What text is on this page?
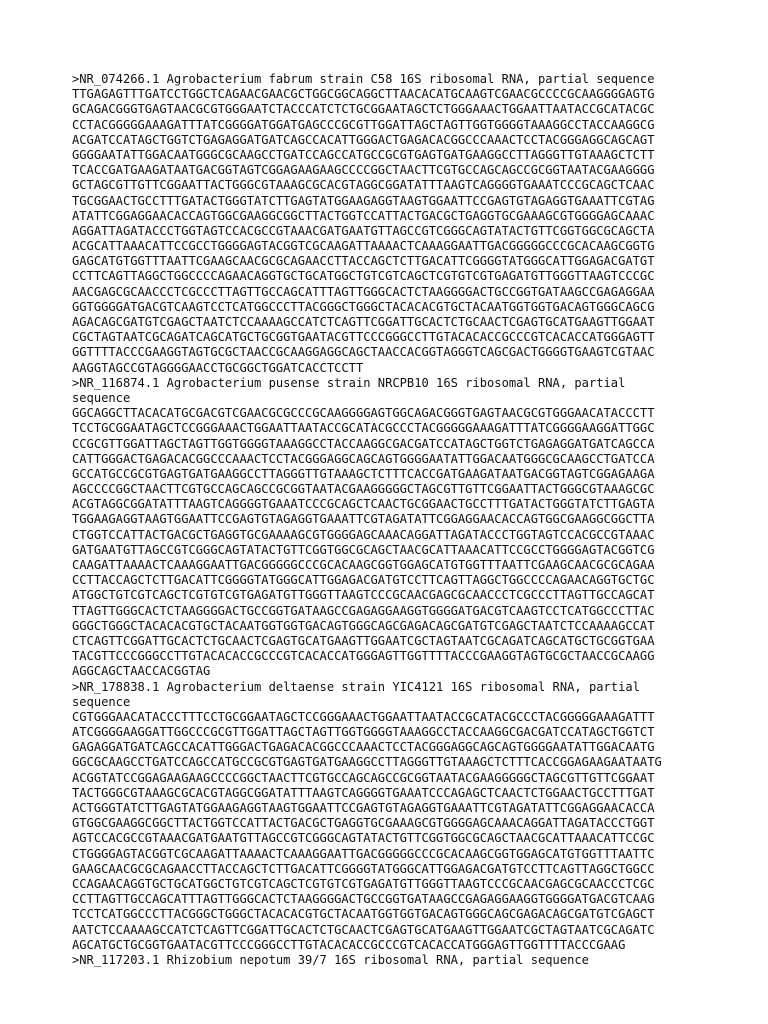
>NR_074266.1 Agrobacterium fabrum strain C58 16S ribosomal RNA, partial sequence
TTGAGAGTTTGATCCTGGCTCAGAACGAACGCTGGCGGCAGGCTTAACACATGCAAGTCGAACGCCCCGCAAGGGGAGTG
GCAGACGGGTGAGTAACGCGTGGGAATCTACCCATCTCTGCGGAATAGCTCTGGGAAACTGGAATTAATACCGCATACGC
CCTACGGGGGAAAGATTTATCGGGGATGGATGAGCCCGCGTTGGATTAGCTAGTTGGTGGGGTAAAGGCCTACCAAGGCG
ACGATCCATAGCTGGTCTGAGAGGATGATCAGCCACATTGGGACTGAGACACGGCCCAAACTCCTACGGGAGGCAGCAGT
GGGGAATATTGGACAATGGGCGCAAGCCTGATCCAGCCATGCCGCGTGAGTGATGAAGGCCTTAGGGTTGTAAAGCTCTT
TCACCGATGAAGATAATGACGGTAGTCGGAGAAGAAGCCCCGGCTAACTTCGTGCCAGCAGCCGCGGTAATACGAAGGGG
GCTAGCGTTGTTCGGAATTACTGGGCGTAAAGCGCACGTAGGCGGATATTTAAGTCAGGGGTGAAATCCCGCAGCTCAAC
TGCGGAACTGCCTTTGATACTGGGTATCTTGAGTATGGAAGAGGTAAGTGGAATTCCGAGTGTAGAGGTGAAATTCGTAG
ATATTCGGAGGAACACCAGTGGCGAAGGCGGCTTACTGGTCCATTACTGACGCTGAGGTGCGAAAGCGTGGGGAGCAAAC
AGGATTAGATACCCTGGTAGTCCACGCCGTAAACGATGAATGTTAGCCGTCGGGCAGTATACTGTTCGGTGGCGCAGCTA
ACGCATTAAACATTCCGCCTGGGGAGTACGGTCGCAAGATTAAAACTCAAAGGAATTGACGGGGGCCCGCACAAGCGGTG
GAGCATGTGGTTTAATTCGAAGCAACGCGCAGAACCTTACCAGCTCTTGACATTCGGGGTATGGGCATTGGAGACGATGT
CCTTCAGTTAGGCTGGCCCCAGAACAGGTGCTGCATGGCTGTCGTCAGCTCGTGTCGTGAGATGTTGGGTTAAGTCCCGC
AACGAGCGCAACCCTCGCCCTTAGTTGCCAGCATTTAGTTGGGCACTCTAAGGGGACTGCCGGTGATAAGCCGAGAGGAA
GGTGGGGATGACGTCAAGTCCTCATGGCCCTTACGGGCTGGGCTACACACGTGCTACAATGGTGGTGACAGTGGGCAGCG
AGACAGCGATGTCGAGCTAATCTCCAAAAGCCATCTCAGTTCGGATTGCACTCTGCAACTCGAGTGCATGAAGTTGGAAT
CGCTAGTAATCGCAGATCAGCATGCTGCGGTGAATACGTTCCCGGGCCTTGTACACACCGCCCGTCACACCATGGGAGTT
GGTTTTACCCGAAGGTAGTGCGCTAACCGCAAGGAGGCAGCTAACCACGGTAGGGTCAGCGACTGGGGTGAAGTCGTAAC
AAGGTAGCCGTAGGGGAACCTGCGGCTGGATCACCTCCTT
>NR_116874.1 Agrobacterium pusense strain NRCPB10 16S ribosomal RNA, partial
sequence
GGCAGGCTTACACATGCGACGTCGAACGCGCCCGCAAGGGGAGTGGCAGACGGGTGAGTAACGCGTGGGAACATACCCTT
TCCTGCGGAATAGCTCCGGGAAACTGGAATTAATACCGCATACGCCCTACGGGGGAAAGATTTATCGGGGAAGGATTGGC
CCGCGTTGGATTAGCTAGTTGGTGGGGTAAAGGCCTACCAAGGCGACGATCCATAGCTGGTCTGAGAGGATGATCAGCCA
CATTGGGACTGAGACACGGCCCAAACTCCTACGGGAGGCAGCAGTGGGGAATATTGGACAATGGGCGCAAGCCTGATCCA
GCCATGCCGCGTGAGTGATGAAGGCCTTAGGGTTGTAAAGCTCTTTCACCGATGAAGATAATGACGGTAGTCGGAGAAGA
AGCCCCGGCTAACTTCGTGCCAGCAGCCGCGGTAATACGAAGGGGGCTAGCGTTGTTCGGAATTACTGGGCGTAAAGCGC
ACGTAGGCGGATATTTAAGTCAGGGGTGAAATCCCGCAGCTCAACTGCGGAACTGCCTTTGATACTGGGTATCTTGAGTA
TGGAAGAGGTAAGTGGAATTCCGAGTGTAGAGGTGAAATTCGTAGATATTCGGAGGAACACCAGTGGCGAAGGCGGCTTA
CTGGTCCATTACTGACGCTGAGGTGCGAAAAGCGTGGGGAGCAAACAGGATTAGATACCCTGGTAGTCCACGCCGTAAAC
GATGAATGTTAGCCGTCGGGCAGTATACTGTTCGGTGGCGCAGCTAACGCATTAAACATTCCGCCTGGGGAGTACGGTCG
CAAGATTAAAACTCAAAGGAATTGACGGGGGCCCGCACAAGCGGTGGAGCATGTGGTTTAATTCGAAGCAACGCGCAGAA
CCTTACCAGCTCTTGACATTCGGGGTATGGGCATTGGAGACGATGTCCTTCAGTTAGGCTGGCCCCAGAACAGGTGCTGC
ATGGCTGTCGTCAGCTCGTGTCGTGAGATGTTGGGTTAAGTCCCGCAACGAGCGCAACCCTCGCCCTTAGTTGCCAGCAT
TTAGTTGGGCACTCTAAGGGGACTGCCGGTGATAAGCCGAGAGGAAGGTGGGGATGACGTCAAGTCCTCATGGCCCTTAC
GGGCTGGGCTACACACGTGCTACAATGGTGGTGACAGTGGGCAGCGAGACAGCGATGTCGAGCTAATCTCCAAAAGCCAT
CTCAGTTCGGATTGCACTCTGCAACTCGAGTGCATGAAGTTGGAATCGCTAGTAATCGCAGATCAGCATGCTGCGGTGAA
TACGTTCCCGGGCCTTGTACACACCGCCCGTCACACCATGGGAGTTGGTTTTACCCGAAGGTAGTGCGCTAACCGCAAGG
AGGCAGCTAACCACGGTAG
>NR_178838.1 Agrobacterium deltaense strain YIC4121 16S ribosomal RNA, partial
sequence
CGTGGGAACATACCCTTTCCTGCGGAATAGCTCCGGGAAACTGGAATTAATACCGCATACGCCCTACGGGGGAAAGATTT
ATCGGGGAAGGATTGGCCCGCGTTGGATTAGCTAGTTGGTGGGGTAAAGGCCTACCAAGGCGACGATCCATAGCTGGTCT
GAGAGGATGATCAGCCACATTGGGACTGAGACACGGCCCAAACTCCTACGGGAGGCAGCAGTGGGGAATATTGGACAATG
GGCGCAAGCCTGATCCAGCCATGCCGCGTGAGTGATGAAGGCCTTAGGGTTGTAAAGCTCTTTCACCGGAGAAGAATAATG
ACGGTATCCGGAGAAGAAGCCCCGGCTAACTTCGTGCCAGCAGCCGCGGTAATACGAAGGGGGCTAGCGTTGTTCGGAAT
TACTGGGCGTAAAGCGCACGTAGGCGGATATTTAAGTCAGGGGTGAAATCCCAGAGCTCAACTCTGGAACTGCCTTTGAT
ACTGGGTATCTTGAGTATGGAAGAGGTAAGTGGAATTCCGAGTGTAGAGGTGAAATTCGTAGATATTCGGAGGAACACCA
GTGGCGAAGGCGGCTTACTGGTCCATTACTGACGCTGAGGTGCGAAAGCGTGGGGAGCAAACAGGATTAGATACCCTGGT
AGTCCACGCCGTAAACGATGAATGTTAGCCGTCGGGCAGTATACTGTTCGGTGGCGCAGCTAACGCATTAAACATTCCGC
CTGGGGAGTACGGTCGCAAGATTAAAACTCAAAGGAATTGACGGGGGCCCGCACAAGCGGTGGAGCATGTGGTTTAATTC
GAAGCAACGCGCAGAACCTTACCAGCTCTTGACATTCGGGGTATGGGCATTGGAGACGATGTCCTTCAGTTAGGCTGGCC
CCAGAACAGGTGCTGCATGGCTGTCGTCAGCTCGTGTCGTGAGATGTTGGGTTAAGTCCCGCAACGAGCGCAACCCTCGC
CCTTAGTTGCCAGCATTTAGTTGGGCACTCTAAGGGGACTGCCGGTGATAAGCCGAGAGGAAGGTGGGGATGACGTCAAG
TCCTCATGGCCCTTACGGGCTGGGCTACACACGTGCTACAATGGTGGTGACAGTGGGCAGCGAGACAGCGATGTCGAGCT
AATCTCCAAAAGCCATCTCAGTTCGGATTGCACTCTGCAACTCGAGTGCATGAAGTTGGAATCGCTAGTAATCGCAGATC
AGCATGCTGCGGTGAATACGTTCCCGGGCCTTGTACACACCGCCCGTCACACCATGGGAGTTGGTTTTACCCGAAG
>NR_117203.1 Rhizobium nepotum 39/7 16S ribosomal RNA, partial sequence
